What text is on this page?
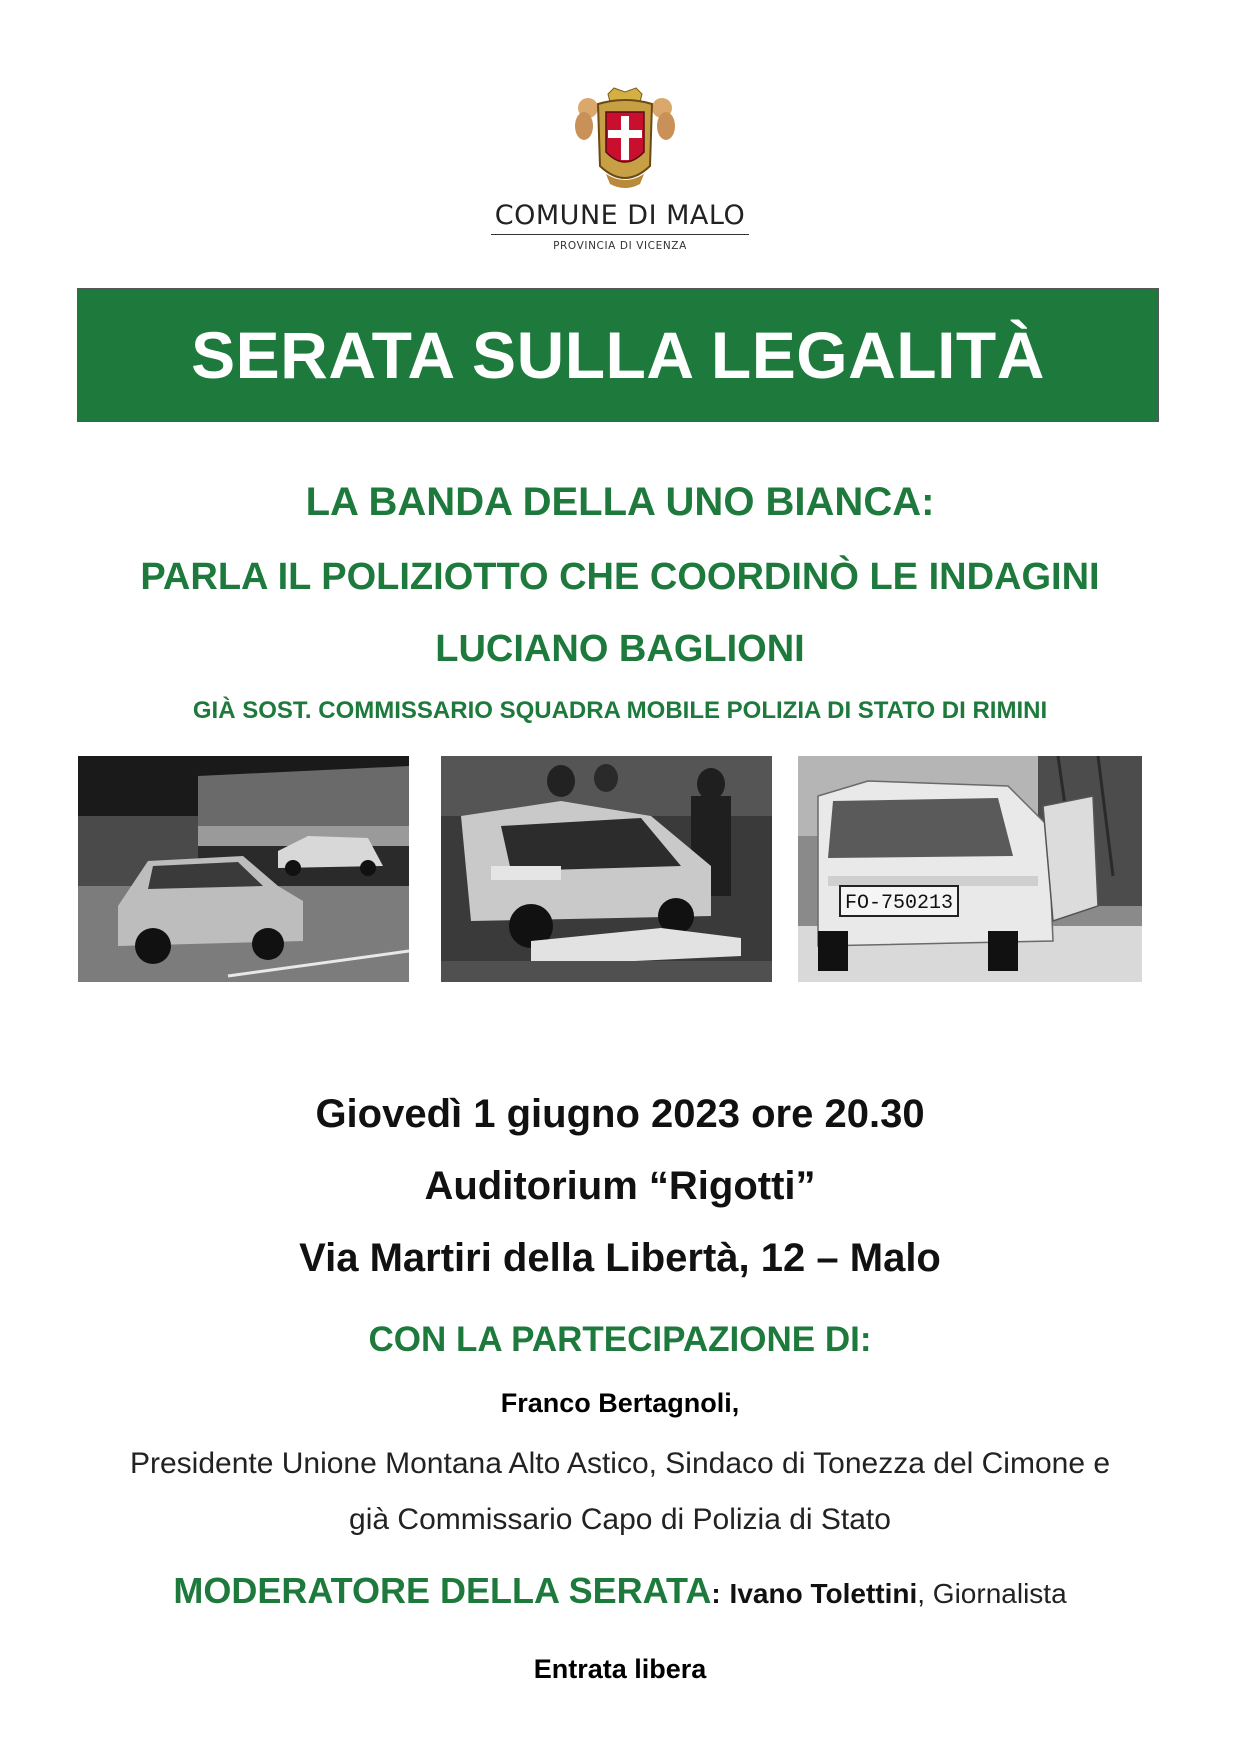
COMUNE DI MALO
PROVINCIA DI VICENZA
SERATA SULLA LEGALITÀ

LA BANDA DELLA UNO BIANCA:

PARLA IL POLIZIOTTO CHE COORDINÒ LE INDAGINI

LUCIANO BAGLIONI

GIÀ SOST. COMMISSARIO SQUADRA MOBILE POLIZIA DI STATO DI RIMINI

FO-750213
Giovedì 1 giugno 2023 ore 20.30
Auditorium “Rigotti”
Via Martiri della Libertà, 12 – Malo

CON LA PARTECIPAZIONE DI:

Franco Bertagnoli,
Presidente Unione Montana Alto Astico, Sindaco di Tonezza del Cimone e già Commissario Capo di Polizia di Stato
MODERATORE DELLA SERATA: Ivano Tolettini, Giornalista
Entrata libera
